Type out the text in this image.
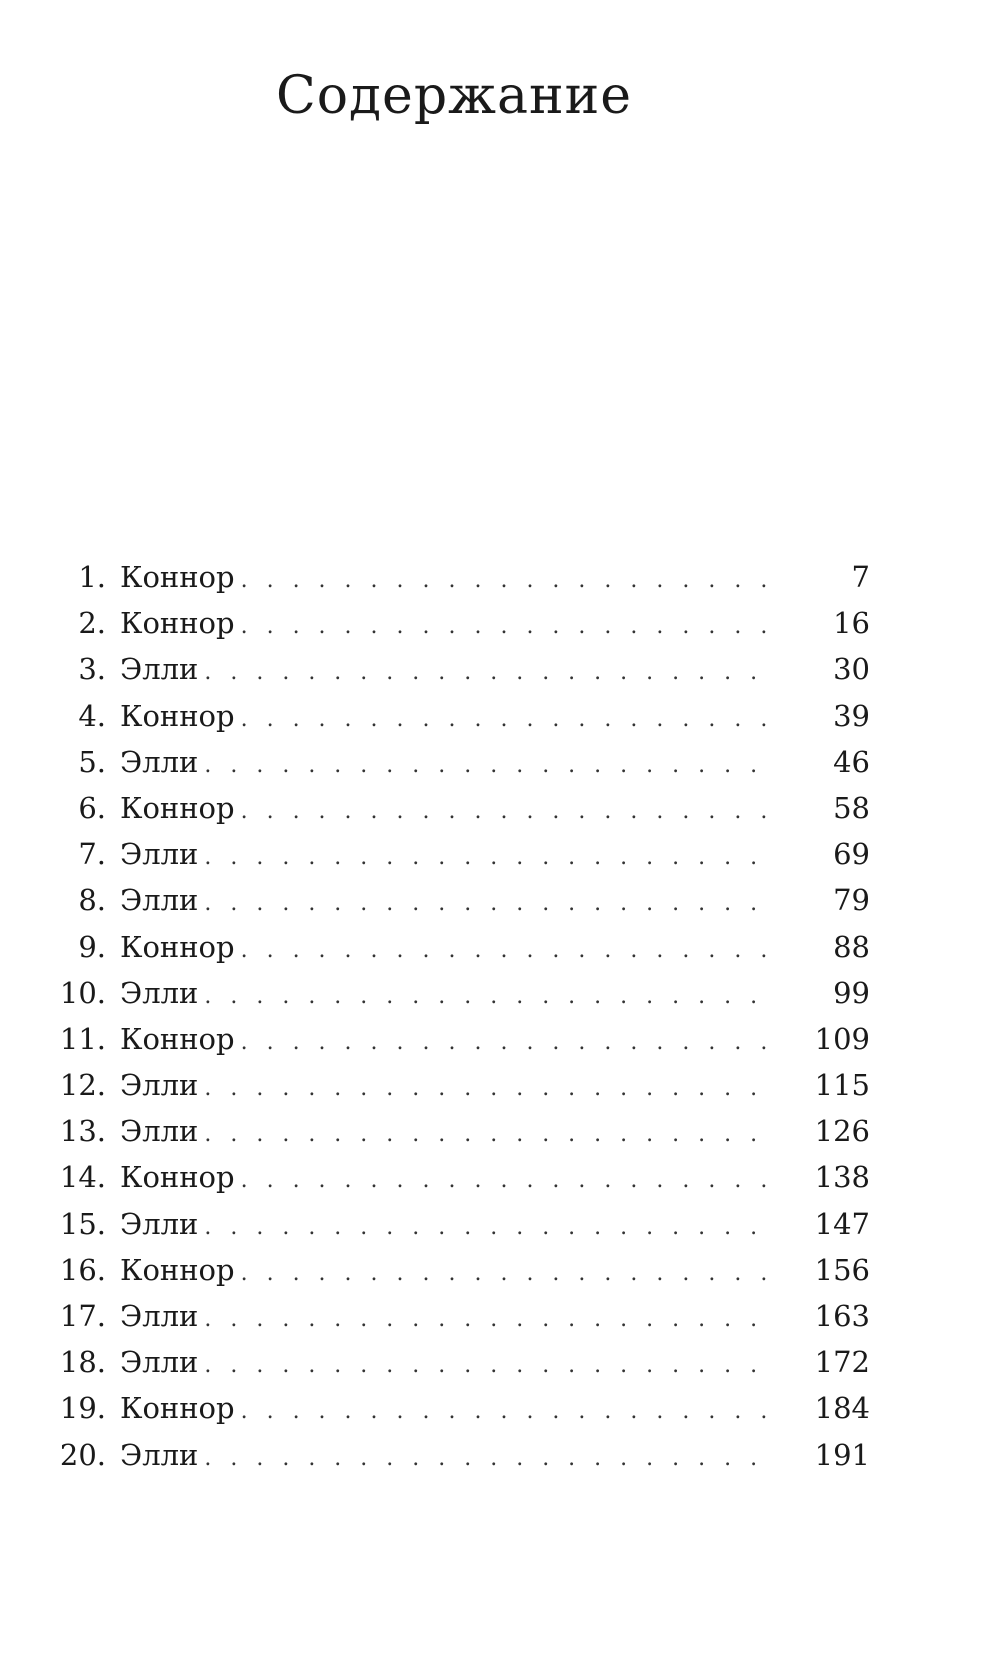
Содержание
1. Коннор . . .	7
2. Коннор . . .	16
3. Элли . . .	30
4. Коннор . . .	39
5. Элли . . .	46
6. Коннор . . .	58
7. Элли . . .	69
8. Элли . . .	79
9. Коннор . . .	88
10. Элли . . .	99
11. Коннор . . .	109
12. Элли . . .	115
13. Элли . . .	126
14. Коннор . . .	138
15. Элли . . .	147
16. Коннор . . .	156
17. Элли . . .	163
18. Элли . . .	172
19. Коннор . . .	184
20. Элли . . .	191
